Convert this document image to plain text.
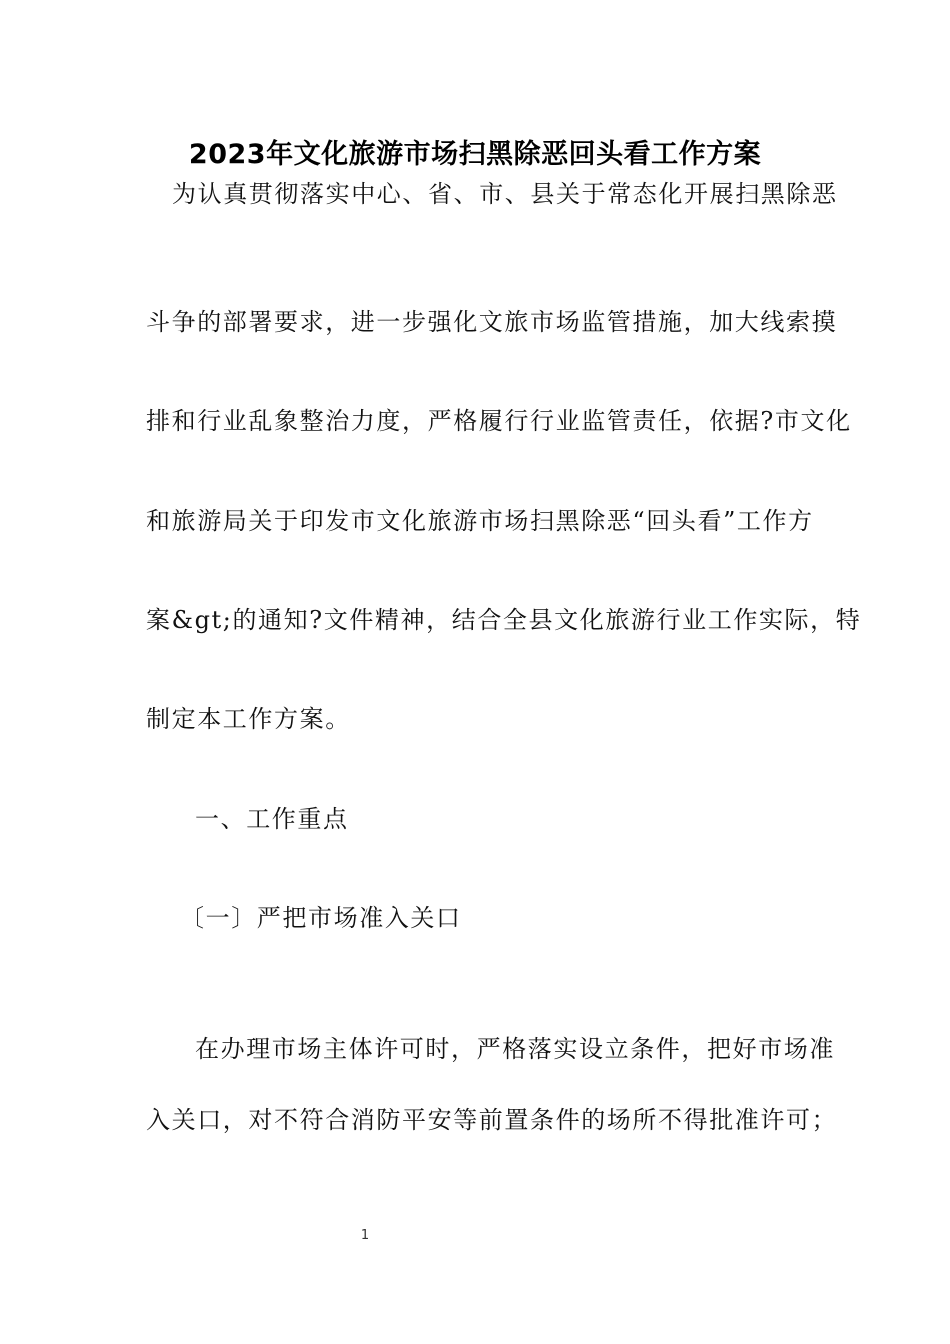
2023年文化旅游市场扫黑除恶回头看工作方案
为认真贯彻落实中心、省、市、县关于常态化开展扫黑除恶
斗争的部署要求，进一步强化文旅市场监管措施，加大线索摸
排和行业乱象整治力度，严格履行行业监管责任，依据?市文化
和旅游局关于印发市文化旅游市场扫黑除恶“回头看”工作方
案&gt;的通知?文件精神，结合全县文化旅游行业工作实际，特
制定本工作方案。
一、工作重点
〔一〕严把市场准入关口
在办理市场主体许可时，严格落实设立条件，把好市场准
入关口，对不符合消防平安等前置条件的场所不得批准许可；
1
